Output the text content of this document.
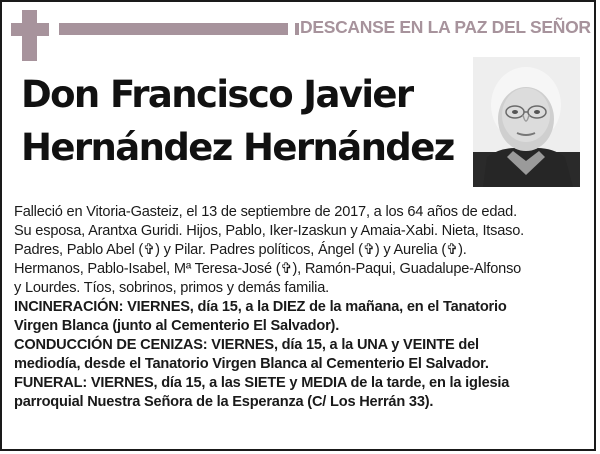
DESCANSE EN LA PAZ DEL SEÑOR
Don Francisco Javier
Hernández Hernández

Falleció en Vitoria-Gasteiz, el 13 de septiembre de 2017, a los 64 años de edad.
Su esposa, Arantxa Guridi. Hijos, Pablo, Iker-Izaskun y Amaia-Xabi. Nieta, Itsaso.
Padres, Pablo Abel (✞) y Pilar. Padres políticos, Ángel (✞) y Aurelia (✞).
Hermanos, Pablo-Isabel, Mª Teresa-José (✞), Ramón-Paqui, Guadalupe-Alfonso
y Lourdes. Tíos, sobrinos, primos y demás familia.

INCINERACIÓN: VIERNES, día 15, a la DIEZ de la mañana, en el Tanatorio
Virgen Blanca (junto al Cementerio El Salvador).
CONDUCCIÓN DE CENIZAS: VIERNES, día 15, a la UNA y VEINTE del
mediodía, desde el Tanatorio Virgen Blanca al Cementerio El Salvador.
FUNERAL: VIERNES, día 15, a las SIETE y MEDIA de la tarde, en la iglesia
parroquial Nuestra Señora de la Esperanza (C/ Los Herrán 33).
